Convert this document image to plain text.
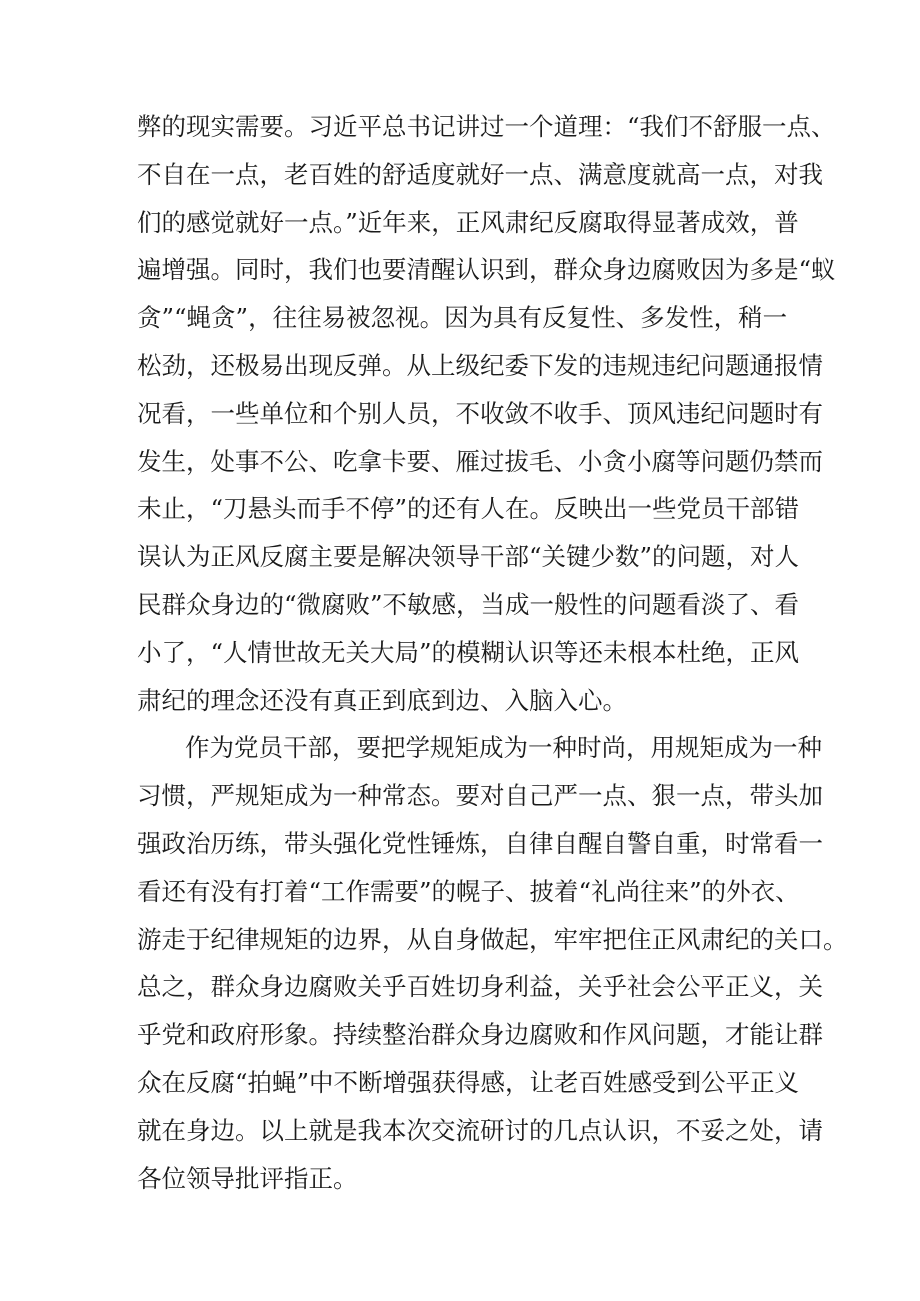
弊的现实需要。习近平总书记讲过一个道理：“我们不舒服一点、
不自在一点，老百姓的舒适度就好一点、满意度就高一点，对我
们的感觉就好一点。”近年来，正风肃纪反腐取得显著成效，普
遍增强。同时，我们也要清醒认识到，群众身边腐败因为多是“蚁
贪”“蝇贪”，往往易被忽视。因为具有反复性、多发性，稍一
松劲，还极易出现反弹。从上级纪委下发的违规违纪问题通报情
况看，一些单位和个别人员，不收敛不收手、顶风违纪问题时有
发生，处事不公、吃拿卡要、雁过拔毛、小贪小腐等问题仍禁而
未止，“刀悬头而手不停”的还有人在。反映出一些党员干部错
误认为正风反腐主要是解决领导干部“关键少数”的问题，对人
民群众身边的“微腐败”不敏感，当成一般性的问题看淡了、看
小了，“人情世故无关大局”的模糊认识等还未根本杜绝，正风
肃纪的理念还没有真正到底到边、入脑入心。
作为党员干部，要把学规矩成为一种时尚，用规矩成为一种
习惯，严规矩成为一种常态。要对自己严一点、狠一点，带头加
强政治历练，带头强化党性锤炼，自律自醒自警自重，时常看一
看还有没有打着“工作需要”的幌子、披着“礼尚往来”的外衣、
游走于纪律规矩的边界，从自身做起，牢牢把住正风肃纪的关口。
总之，群众身边腐败关乎百姓切身利益，关乎社会公平正义，关
乎党和政府形象。持续整治群众身边腐败和作风问题，才能让群
众在反腐“拍蝇”中不断增强获得感，让老百姓感受到公平正义
就在身边。以上就是我本次交流研讨的几点认识，不妥之处，请
各位领导批评指正。
